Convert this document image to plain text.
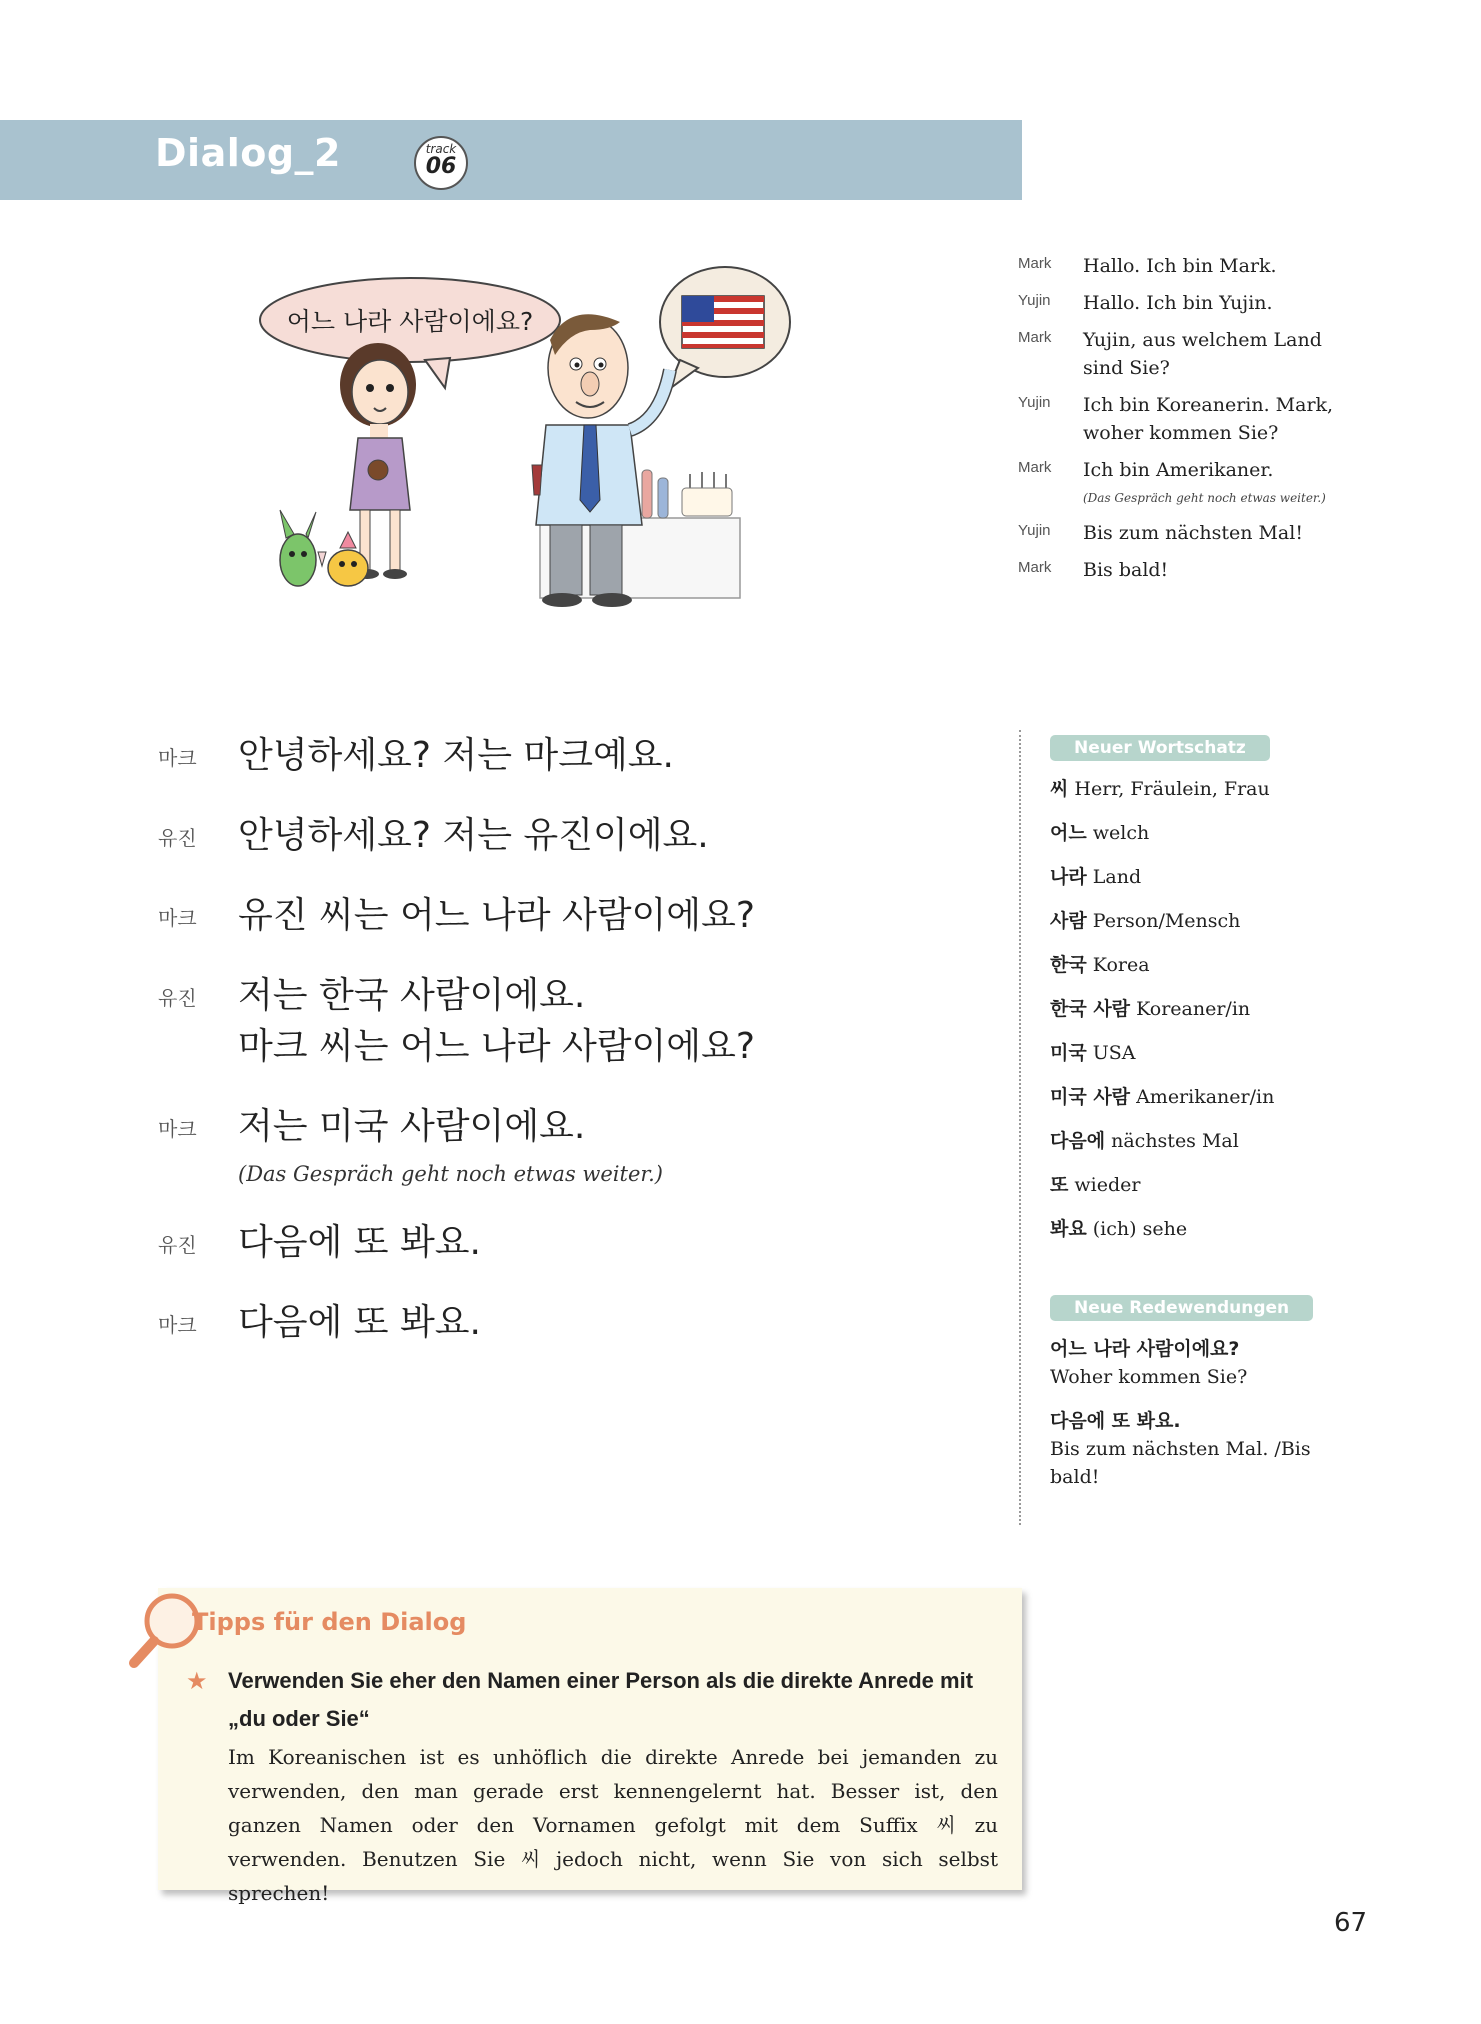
Dialog_2	track
06
어느 나라 사람이에요?
Mark	Hallo. Ich bin Mark.
Yujin	Hallo. Ich bin Yujin.
Mark	Yujin, aus welchem Land sind Sie?
Yujin	Ich bin Koreanerin. Mark, woher kommen Sie?
Mark	Ich bin Amerikaner.
(Das Gespräch geht noch etwas weiter.)
Yujin	Bis zum nächsten Mal!
Mark	Bis bald!
마크	안녕하세요? 저는 마크예요.
유진	안녕하세요? 저는 유진이에요.
마크	유진 씨는 어느 나라 사람이에요?
유진	저는 한국 사람이에요.
마크 씨는 어느 나라 사람이에요?
마크	저는 미국 사람이에요.
(Das Gespräch geht noch etwas weiter.)
유진	다음에 또 봐요.
마크	다음에 또 봐요.
Neuer Wortschatz
씨 Herr, Fräulein, Frau
어느 welch
나라 Land
사람 Person/Mensch
한국 Korea
한국 사람 Koreaner/in
미국 USA
미국 사람 Amerikaner/in
다음에 nächstes Mal
또 wieder
봐요 (ich) sehe
Neue Redewendungen
어느 나라 사람이에요?
Woher kommen Sie?
다음에 또 봐요.
Bis zum nächsten Mal. /Bis bald!
Tipps für den Dialog
★ Verwenden Sie eher den Namen einer Person als die direkte Anrede mit „du oder Sie“
Im Koreanischen ist es unhöflich die direkte Anrede bei jemanden zu verwenden, den man gerade erst kennengelernt hat. Besser ist, den ganzen Namen oder den Vornamen gefolgt mit dem Suffix 씨 zu verwenden. Benutzen Sie 씨 jedoch nicht, wenn Sie von sich selbst sprechen!
67
